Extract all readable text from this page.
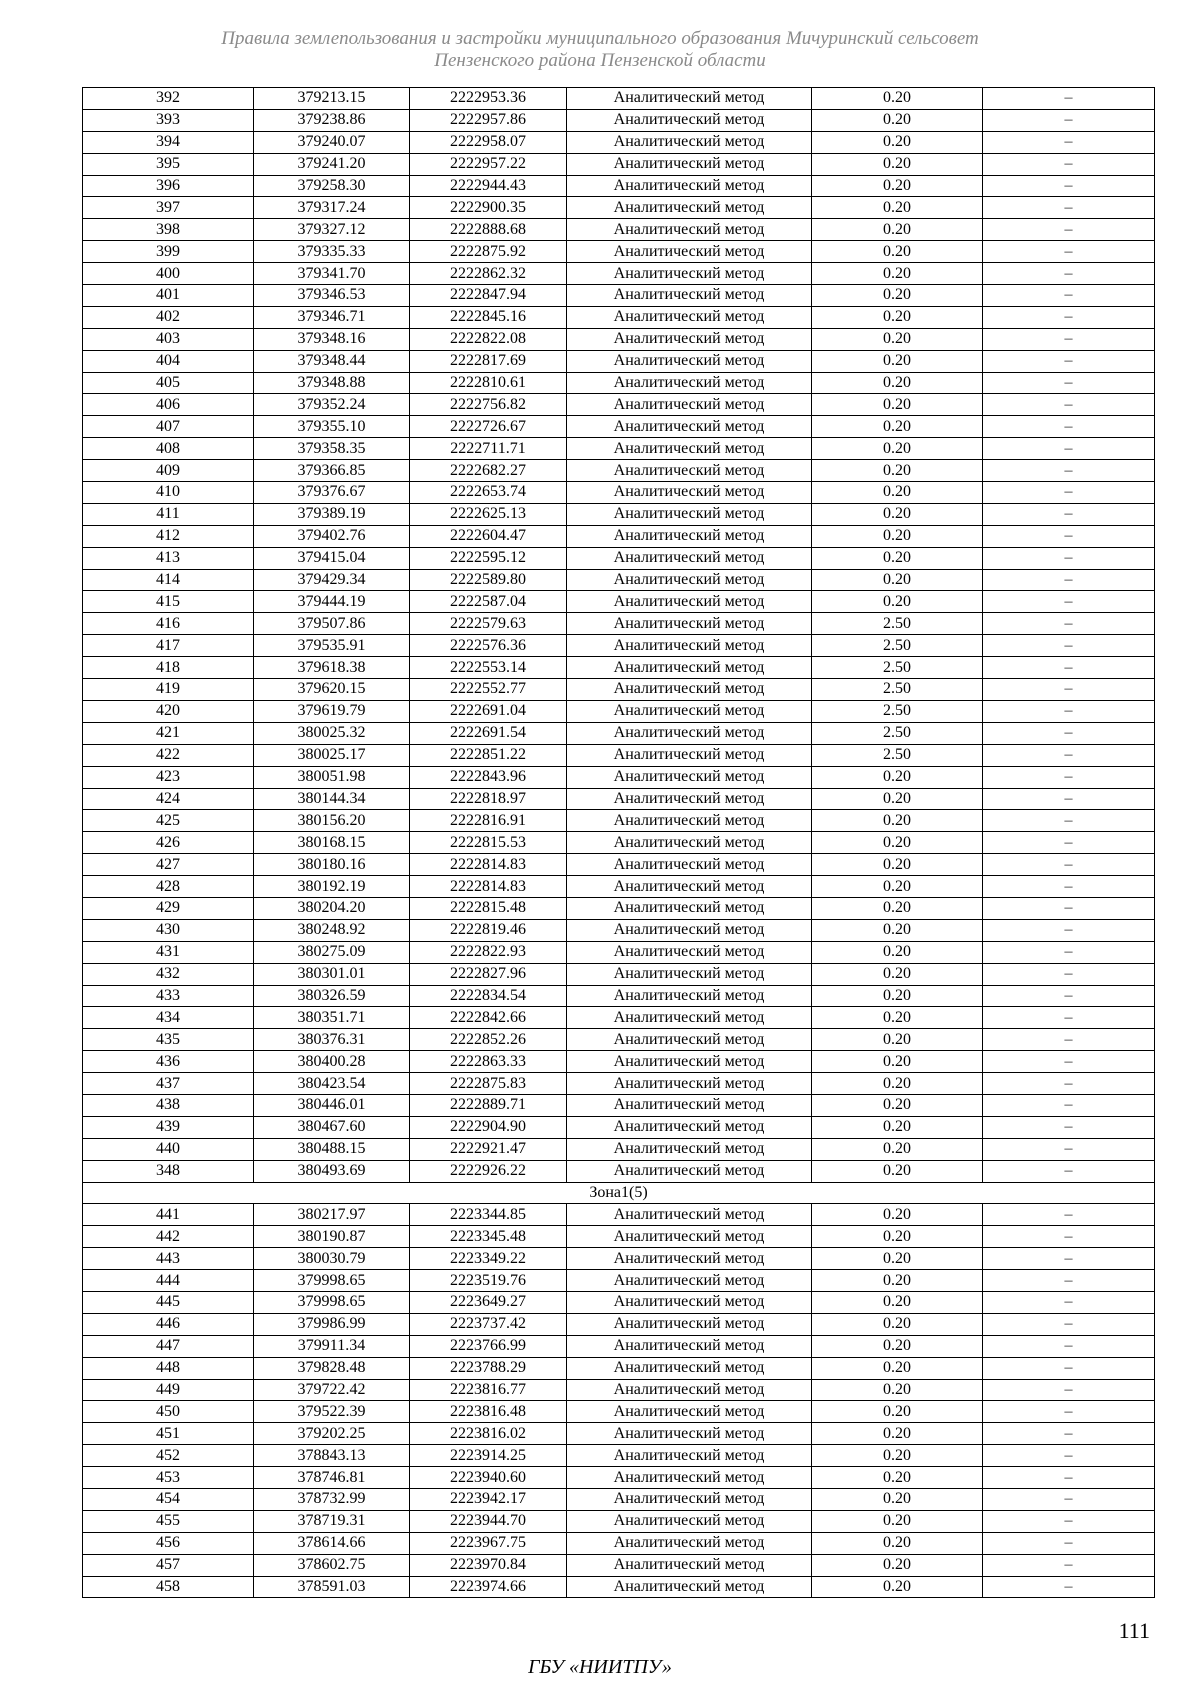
Правила землепользования и застройки муниципального образования Мичуринский сельсовет
Пензенского района Пензенской области
392	379213.15	2222953.36	Аналитический метод	0.20	–
393	379238.86	2222957.86	Аналитический метод	0.20	–
394	379240.07	2222958.07	Аналитический метод	0.20	–
395	379241.20	2222957.22	Аналитический метод	0.20	–
396	379258.30	2222944.43	Аналитический метод	0.20	–
397	379317.24	2222900.35	Аналитический метод	0.20	–
398	379327.12	2222888.68	Аналитический метод	0.20	–
399	379335.33	2222875.92	Аналитический метод	0.20	–
400	379341.70	2222862.32	Аналитический метод	0.20	–
401	379346.53	2222847.94	Аналитический метод	0.20	–
402	379346.71	2222845.16	Аналитический метод	0.20	–
403	379348.16	2222822.08	Аналитический метод	0.20	–
404	379348.44	2222817.69	Аналитический метод	0.20	–
405	379348.88	2222810.61	Аналитический метод	0.20	–
406	379352.24	2222756.82	Аналитический метод	0.20	–
407	379355.10	2222726.67	Аналитический метод	0.20	–
408	379358.35	2222711.71	Аналитический метод	0.20	–
409	379366.85	2222682.27	Аналитический метод	0.20	–
410	379376.67	2222653.74	Аналитический метод	0.20	–
411	379389.19	2222625.13	Аналитический метод	0.20	–
412	379402.76	2222604.47	Аналитический метод	0.20	–
413	379415.04	2222595.12	Аналитический метод	0.20	–
414	379429.34	2222589.80	Аналитический метод	0.20	–
415	379444.19	2222587.04	Аналитический метод	0.20	–
416	379507.86	2222579.63	Аналитический метод	2.50	–
417	379535.91	2222576.36	Аналитический метод	2.50	–
418	379618.38	2222553.14	Аналитический метод	2.50	–
419	379620.15	2222552.77	Аналитический метод	2.50	–
420	379619.79	2222691.04	Аналитический метод	2.50	–
421	380025.32	2222691.54	Аналитический метод	2.50	–
422	380025.17	2222851.22	Аналитический метод	2.50	–
423	380051.98	2222843.96	Аналитический метод	0.20	–
424	380144.34	2222818.97	Аналитический метод	0.20	–
425	380156.20	2222816.91	Аналитический метод	0.20	–
426	380168.15	2222815.53	Аналитический метод	0.20	–
427	380180.16	2222814.83	Аналитический метод	0.20	–
428	380192.19	2222814.83	Аналитический метод	0.20	–
429	380204.20	2222815.48	Аналитический метод	0.20	–
430	380248.92	2222819.46	Аналитический метод	0.20	–
431	380275.09	2222822.93	Аналитический метод	0.20	–
432	380301.01	2222827.96	Аналитический метод	0.20	–
433	380326.59	2222834.54	Аналитический метод	0.20	–
434	380351.71	2222842.66	Аналитический метод	0.20	–
435	380376.31	2222852.26	Аналитический метод	0.20	–
436	380400.28	2222863.33	Аналитический метод	0.20	–
437	380423.54	2222875.83	Аналитический метод	0.20	–
438	380446.01	2222889.71	Аналитический метод	0.20	–
439	380467.60	2222904.90	Аналитический метод	0.20	–
440	380488.15	2222921.47	Аналитический метод	0.20	–
348	380493.69	2222926.22	Аналитический метод	0.20	–
Зона1(5)					
441	380217.97	2223344.85	Аналитический метод	0.20	–
442	380190.87	2223345.48	Аналитический метод	0.20	–
443	380030.79	2223349.22	Аналитический метод	0.20	–
444	379998.65	2223519.76	Аналитический метод	0.20	–
445	379998.65	2223649.27	Аналитический метод	0.20	–
446	379986.99	2223737.42	Аналитический метод	0.20	–
447	379911.34	2223766.99	Аналитический метод	0.20	–
448	379828.48	2223788.29	Аналитический метод	0.20	–
449	379722.42	2223816.77	Аналитический метод	0.20	–
450	379522.39	2223816.48	Аналитический метод	0.20	–
451	379202.25	2223816.02	Аналитический метод	0.20	–
452	378843.13	2223914.25	Аналитический метод	0.20	–
453	378746.81	2223940.60	Аналитический метод	0.20	–
454	378732.99	2223942.17	Аналитический метод	0.20	–
455	378719.31	2223944.70	Аналитический метод	0.20	–
456	378614.66	2223967.75	Аналитический метод	0.20	–
457	378602.75	2223970.84	Аналитический метод	0.20	–
458	378591.03	2223974.66	Аналитический метод	0.20	–
111
ГБУ «НИИТПУ»
